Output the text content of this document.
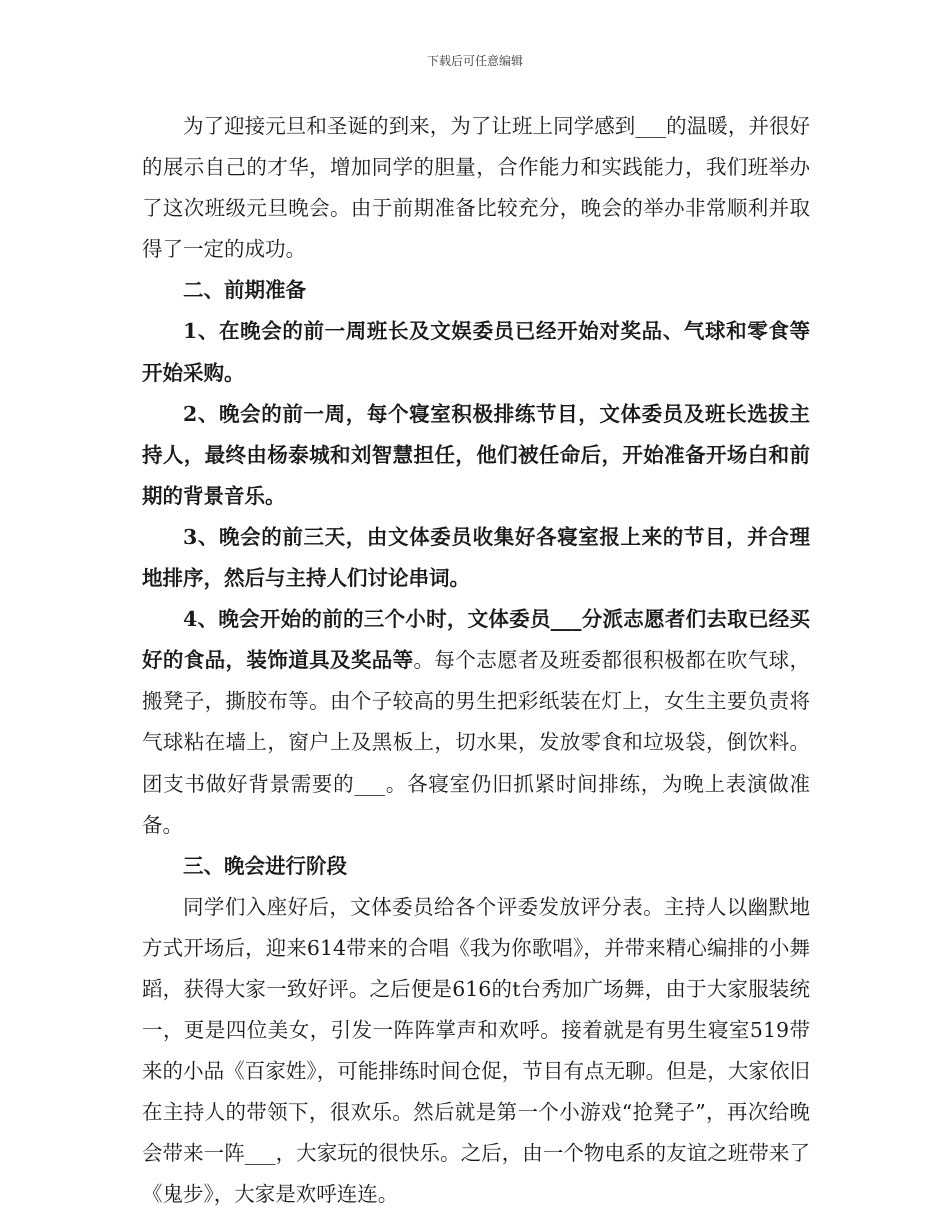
下载后可任意编辑

为了迎接元旦和圣诞的到来，为了让班上同学感到___的温暖，并很好的展示自己的才华，增加同学的胆量，合作能力和实践能力，我们班举办了这次班级元旦晚会。由于前期准备比较充分，晚会的举办非常顺利并取得了一定的成功。

二、前期准备

1、在晚会的前一周班长及文娱委员已经开始对奖品、气球和零食等开始采购。

2、晚会的前一周，每个寝室积极排练节目，文体委员及班长选拔主持人，最终由杨泰城和刘智慧担任，他们被任命后，开始准备开场白和前期的背景音乐。

3、晚会的前三天，由文体委员收集好各寝室报上来的节目，并合理地排序，然后与主持人们讨论串词。

4、晚会开始的前的三个小时，文体委员___分派志愿者们去取已经买好的食品，装饰道具及奖品等。每个志愿者及班委都很积极都在吹气球，搬凳子，撕胶布等。由个子较高的男生把彩纸装在灯上，女生主要负责将气球粘在墙上，窗户上及黑板上，切水果，发放零食和垃圾袋，倒饮料。团支书做好背景需要的___。各寝室仍旧抓紧时间排练，为晚上表演做准备。

三、晚会进行阶段

同学们入座好后，文体委员给各个评委发放评分表。主持人以幽默地方式开场后，迎来614带来的合唱《我为你歌唱》，并带来精心编排的小舞蹈，获得大家一致好评。之后便是616的t台秀加广场舞，由于大家服装统一，更是四位美女，引发一阵阵掌声和欢呼。接着就是有男生寝室519带来的小品《百家姓》，可能排练时间仓促，节目有点无聊。但是，大家依旧在主持人的带领下，很欢乐。然后就是第一个小游戏“抢凳子”，再次给晚会带来一阵___，大家玩的很快乐。之后，由一个物电系的友谊之班带来了《鬼步》，大家是欢呼连连。
